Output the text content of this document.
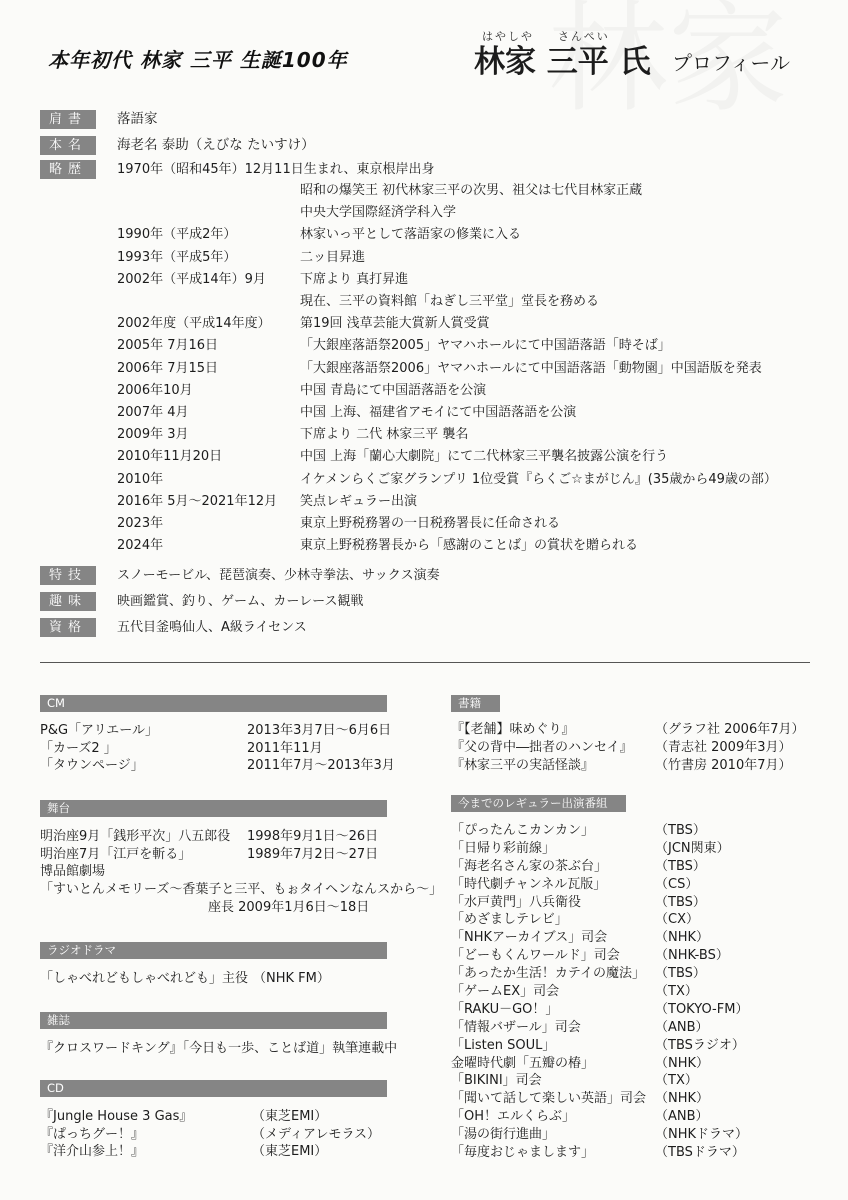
本年初代 林家 三平 生誕100年
はやしや さんぺい
林家 三平 氏 プロフィール
肩書	落語家
本名	海老名 泰助（えびな たいすけ）
略歴	1970年（昭和45年）12月11日生まれ、東京根岸出身
昭和の爆笑王 初代林家三平の次男、祖父は七代目林家正蔵
中央大学国際経済学科入学
1990年（平成2年）	林家いっ平として落語家の修業に入る
1993年（平成5年）	二ッ目昇進
2002年（平成14年）9月	下席より 真打昇進
現在、三平の資料館「ねぎし三平堂」堂長を務める
2002年度（平成14年度）	第19回 浅草芸能大賞新人賞受賞
2005年 7月16日	「大銀座落語祭2005」ヤマハホールにて中国語落語「時そば」
2006年 7月15日	「大銀座落語祭2006」ヤマハホールにて中国語落語「動物園」中国語版を発表
2006年10月	中国 青島にて中国語落語を公演
2007年 4月	中国 上海、福建省アモイにて中国語落語を公演
2009年 3月	下席より 二代 林家三平 襲名
2010年11月20日	中国 上海「蘭心大劇院」にて二代林家三平襲名披露公演を行う
2010年	イケメンらくご家グランプリ 1位受賞『らくご☆まがじん』(35歳から49歳の部）
2016年 5月～2021年12月	笑点レギュラー出演
2023年	東京上野税務署の一日税務署長に任命される
2024年	東京上野税務署長から「感謝のことば」の賞状を贈られる
特技	スノーモービル、琵琶演奏、少林寺拳法、サックス演奏
趣味	映画鑑賞、釣り、ゲーム、カーレース観戦
資格	五代目釜鳴仙人、A級ライセンス
CM
P&G「アリエール」	2013年3月7日～6月6日
「カーズ2 」	2011年11月
「タウンページ」	2011年7月～2013年3月
舞台
明治座9月「銭形平次」八五郎役 1998年9月1日～26日
明治座7月「江戸を斬る」	1989年7月2日～27日
博品館劇場
「すいとんメモリーズ～香葉子と三平、もぉタイヘンなんスから～」
座長 2009年1月6日～18日
ラジオドラマ
「しゃべれどもしゃべれども」主役 （NHK FM）
雑誌
『クロスワードキング』「今日も一歩、ことば道」執筆連載中
CD
『Jungle House 3 Gas』	（東芝EMI）
『ぱっちグー！』	（メディアレモラス）
『洋介山参上！』	（東芝EMI）
書籍
『【老舗】味めぐり』	（グラフ社 2006年7月）
『父の背中―拙者のハンセイ』 （青志社 2009年3月）
『林家三平の実話怪談』	（竹書房 2010年7月）
今までのレギュラー出演番組
「ぴったんこカンカン」	（TBS）
「日帰り彩前線」	（JCN関東）
「海老名さん家の茶ぶ台」	（TBS）
「時代劇チャンネル瓦版」	（CS）
「水戸黄門」八兵衛役	（TBS）
「めざましテレビ」	（CX）
「NHKアーカイブス」司会	（NHK）
「どーもくんワールド」司会	（NHK-BS）
「あったか生活！カテイの魔法」 （TBS）
「ゲームEX」司会	（TX）
「RAKU－GO！」	（TOKYO-FM）
「情報バザール」司会	（ANB）
「Listen SOUL」	（TBSラジオ）
金曜時代劇「五瓣の椿」	（NHK）
「BIKINI」司会	（TX）
「聞いて話して楽しい英語」司会 （NHK）
「OH！エルくらぶ」	（ANB）
「湯の街行進曲」	（NHKドラマ）
「毎度おじゃまします」	（TBSドラマ）
